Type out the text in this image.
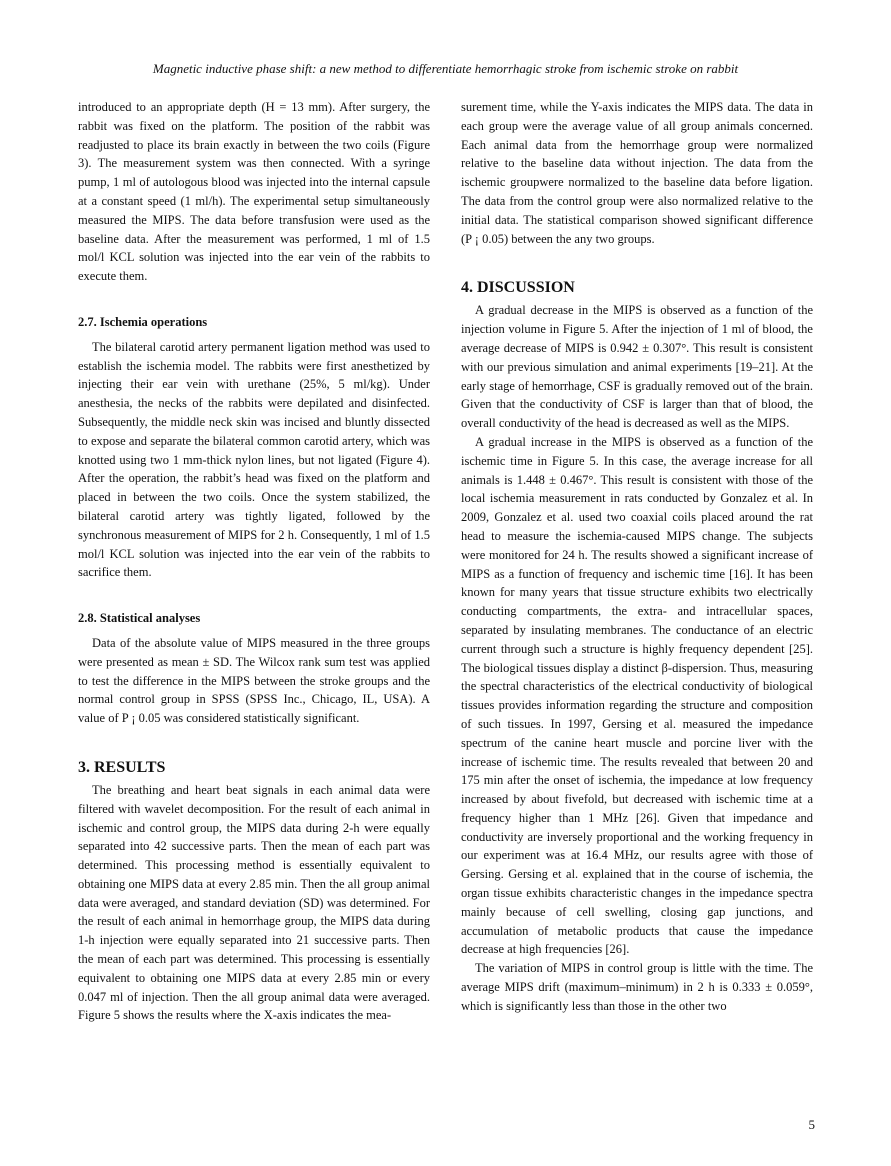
Magnetic inductive phase shift: a new method to differentiate hemorrhagic stroke from ischemic stroke on rabbit

introduced to an appropriate depth (H = 13 mm). After surgery, the rabbit was fixed on the platform. The position of the rabbit was readjusted to place its brain exactly in between the two coils (Figure 3). The measurement system was then connected. With a syringe pump, 1 ml of autologous blood was injected into the internal capsule at a constant speed (1 ml/h). The experimental setup simultaneously measured the MIPS. The data before transfusion were used as the baseline data. After the measurement was performed, 1 ml of 1.5 mol/l KCL solution was injected into the ear vein of the rabbits to execute them.

2.7. Ischemia operations

The bilateral carotid artery permanent ligation method was used to establish the ischemia model. The rabbits were first anesthetized by injecting their ear vein with urethane (25%, 5 ml/kg). Under anesthesia, the necks of the rabbits were depilated and disinfected. Subsequently, the middle neck skin was incised and bluntly dissected to expose and separate the bilateral common carotid artery, which was knotted using two 1 mm-thick nylon lines, but not ligated (Figure 4). After the operation, the rabbit’s head was fixed on the platform and placed in between the two coils. Once the system stabilized, the bilateral carotid artery was tightly ligated, followed by the synchronous measurement of MIPS for 2 h. Consequently, 1 ml of 1.5 mol/l KCL solution was injected into the ear vein of the rabbits to sacrifice them.

2.8. Statistical analyses

Data of the absolute value of MIPS measured in the three groups were presented as mean ± SD. The Wilcox rank sum test was applied to test the difference in the MIPS between the stroke groups and the normal control group in SPSS (SPSS Inc., Chicago, IL, USA). A value of P ¡ 0.05 was considered statistically significant.

3. RESULTS

The breathing and heart beat signals in each animal data were filtered with wavelet decomposition. For the result of each animal in ischemic and control group, the MIPS data during 2-h were equally separated into 42 successive parts. Then the mean of each part was determined. This processing method is essentially equivalent to obtaining one MIPS data at every 2.85 min. Then the all group animal data were averaged, and standard deviation (SD) was determined. For the result of each animal in hemorrhage group, the MIPS data during 1-h injection were equally separated into 21 successive parts. Then the mean of each part was determined. This processing is essentially equivalent to obtaining one MIPS data at every 2.85 min or every 0.047 ml of injection. Then the all group animal data were averaged. Figure 5 shows the results where the X-axis indicates the mea-

surement time, while the Y-axis indicates the MIPS data. The data in each group were the average value of all group animals concerned. Each animal data from the hemorrhage group were normalized relative to the baseline data without injection. The data from the ischemic groupwere normalized to the baseline data before ligation. The data from the control group were also normalized relative to the initial data. The statistical comparison showed significant difference (P ¡ 0.05) between the any two groups.

4. DISCUSSION

A gradual decrease in the MIPS is observed as a function of the injection volume in Figure 5. After the injection of 1 ml of blood, the average decrease of MIPS is 0.942 ± 0.307°. This result is consistent with our previous simulation and animal experiments [19–21]. At the early stage of hemorrhage, CSF is gradually removed out of the brain. Given that the conductivity of CSF is larger than that of blood, the overall conductivity of the head is decreased as well as the MIPS.

A gradual increase in the MIPS is observed as a function of the ischemic time in Figure 5. In this case, the average increase for all animals is 1.448 ± 0.467°. This result is consistent with those of the local ischemia measurement in rats conducted by Gonzalez et al. In 2009, Gonzalez et al. used two coaxial coils placed around the rat head to measure the ischemia-caused MIPS change. The subjects were monitored for 24 h. The results showed a significant increase of MIPS as a function of frequency and ischemic time [16]. It has been known for many years that tissue structure exhibits two electrically conducting compartments, the extra- and intracellular spaces, separated by insulating membranes. The conductance of an electric current through such a structure is highly frequency dependent [25]. The biological tissues display a distinct β-dispersion. Thus, measuring the spectral characteristics of the electrical conductivity of biological tissues provides information regarding the structure and composition of such tissues. In 1997, Gersing et al. measured the impedance spectrum of the canine heart muscle and porcine liver with the increase of ischemic time. The results revealed that between 20 and 175 min after the onset of ischemia, the impedance at low frequency increased by about fivefold, but decreased with ischemic time at a frequency higher than 1 MHz [26]. Given that impedance and conductivity are inversely proportional and the working frequency in our experiment was at 16.4 MHz, our results agree with those of Gersing. Gersing et al. explained that in the course of ischemia, the organ tissue exhibits characteristic changes in the impedance spectra mainly because of cell swelling, closing gap junctions, and accumulation of metabolic products that cause the impedance decrease at high frequencies [26].

The variation of MIPS in control group is little with the time. The average MIPS drift (maximum–minimum) in 2 h is 0.333 ± 0.059°, which is significantly less than those in the other two

5
